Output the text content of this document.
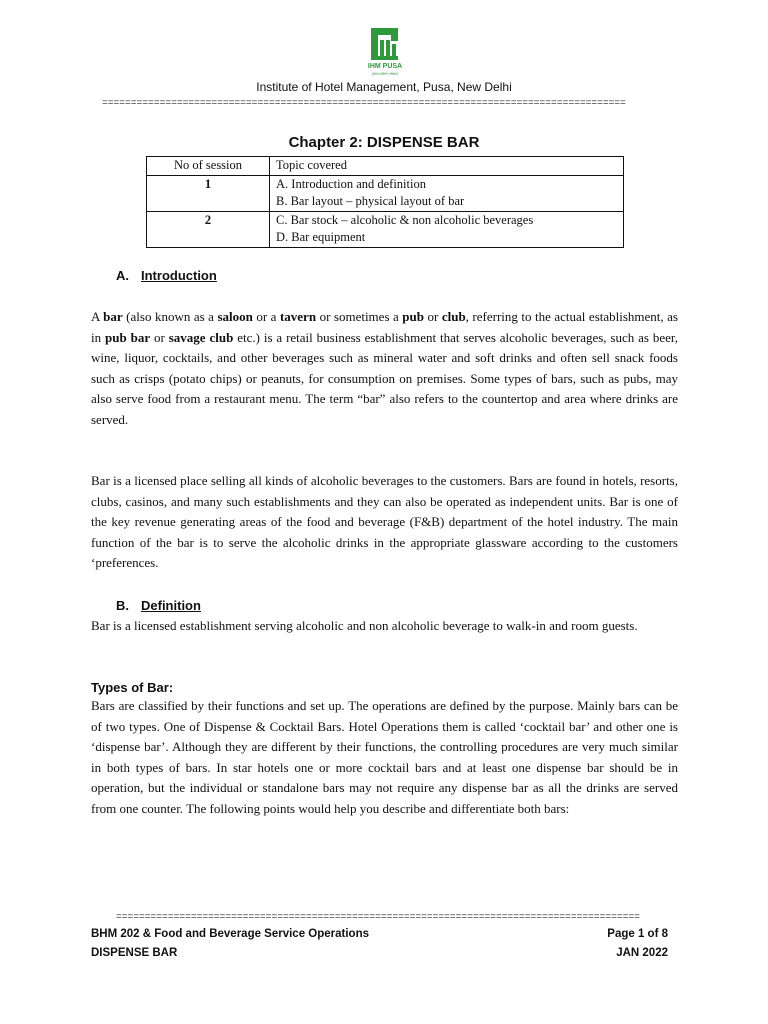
IHM PUSA
होटल प्रबंधन संस्थान
Institute of Hotel Management, Pusa, New Delhi
===========================================================================================
Chapter 2: DISPENSE BAR
No of session	Topic covered
1	A. Introduction and definition
B. Bar layout – physical layout of bar

2	C. Bar stock – alcoholic & non alcoholic beverages
D. Bar equipment
A. Introduction
A bar (also known as a saloon or a tavern or sometimes a pub or club, referring to the actual establishment, as in pub bar or savage club etc.) is a retail business establishment that serves alcoholic beverages, such as beer, wine, liquor, cocktails, and other beverages such as mineral water and soft drinks and often sell snack foods such as crisps (potato chips) or peanuts, for consumption on premises. Some types of bars, such as pubs, may also serve food from a restaurant menu. The term “bar” also refers to the countertop and area where drinks are served.
Bar is a licensed place selling all kinds of alcoholic beverages to the customers. Bars are found in hotels, resorts, clubs, casinos, and many such establishments and they can also be operated as independent units. Bar is one of the key revenue generating areas of the food and beverage (F&B) department of the hotel industry. The main function of the bar is to serve the alcoholic drinks in the appropriate glassware according to the customers ‘preferences.
B. Definition
Bar is a licensed establishment serving alcoholic and non alcoholic beverage to walk-in and room guests.
Types of Bar:
Bars are classified by their functions and set up. The operations are defined by the purpose. Mainly bars can be of two types. One of Dispense & Cocktail Bars. Hotel Operations them is called ‘cocktail bar’ and other one is ‘dispense bar’. Although they are different by their functions, the controlling procedures are very much similar in both types of bars. In star hotels one or more cocktail bars and at least one dispense bar should be in operation, but the individual or standalone bars may not require any dispense bar as all the drinks are served from one counter. The following points would help you describe and differentiate both bars:
===========================================================================================
BHM 202 & Food and Beverage Service Operations
DISPENSE BAR
Page 1 of 8
JAN 2022
